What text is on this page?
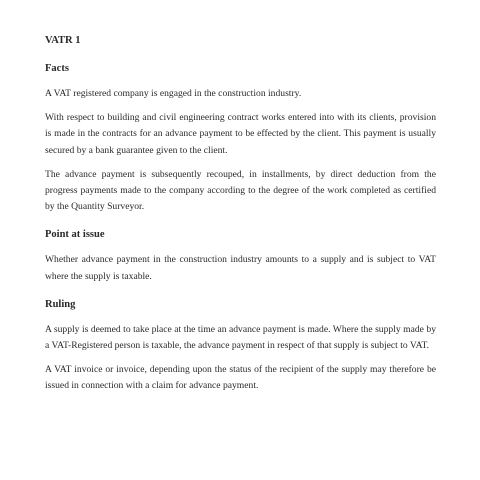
VATR 1
Facts

A VAT registered company is engaged in the construction industry.

With respect to building and civil engineering contract works entered into with its clients, provision is made in the contracts for an advance payment to be effected by the client. This payment is usually secured by a bank guarantee given to the client.

The advance payment is subsequently recouped, in installments, by direct deduction from the progress payments made to the company according to the degree of the work completed as certified by the Quantity Surveyor.

Point at issue

Whether advance payment in the construction industry amounts to a supply and is subject to VAT where the supply is taxable.

Ruling

A supply is deemed to take place at the time an advance payment is made. Where the supply made by a VAT-Registered person is taxable, the advance payment in respect of that supply is subject to VAT.

A VAT invoice or invoice, depending upon the status of the recipient of the supply may therefore be issued in connection with a claim for advance payment.
